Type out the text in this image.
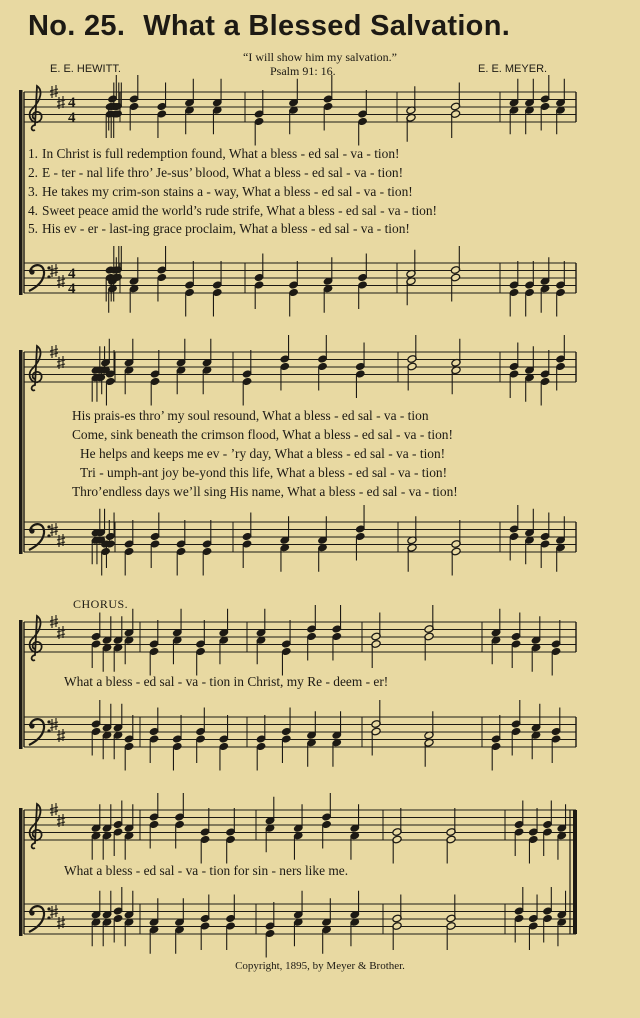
No. 25. What a Blessed Salvation.
“I will show him my salvation.”
E. E. HEWITT.	Psalm 91: 16.	E. E. MEYER.
4
4
4
4
1. In Christ is full redemption found, What a bless - ed sal - va - tion!
2. E - ter - nal life thro’ Je-sus’ blood, What a bless - ed sal - va - tion!
3. He takes my crim-son stains a - way, What a bless - ed sal - va - tion!
4. Sweet peace amid the world’s rude strife, What a bless - ed sal - va - tion!
5. His ev - er - last-ing grace proclaim, What a bless - ed sal - va - tion!
His prais-es thro’ my soul resound, What a bless - ed sal - va - tion
Come, sink beneath the crimson flood, What a bless - ed sal - va - tion!
He helps and keeps me ev - ’ry day, What a bless - ed sal - va - tion!
Tri - umph-ant joy be-yond this life, What a bless - ed sal - va - tion!
Thro’endless days we’ll sing His name, What a bless - ed sal - va - tion!
CHORUS.
What a bless - ed sal - va - tion in Christ, my Re - deem - er!
What a bless - ed sal - va - tion for sin - ners like me.
Copyright, 1895, by Meyer & Brother.
